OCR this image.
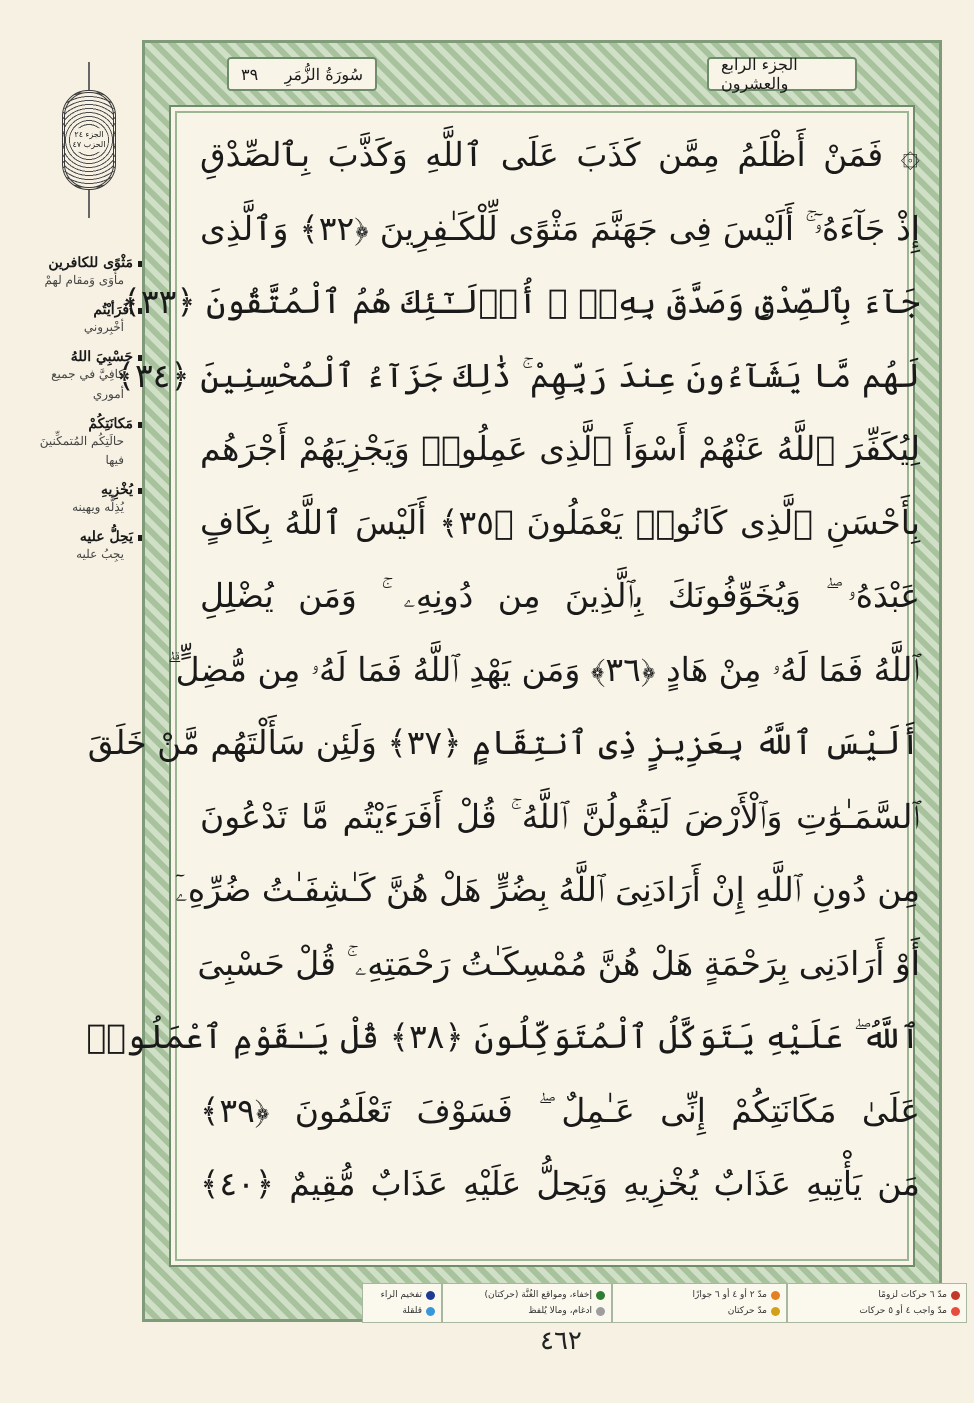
الجزء ٢٤
الحزب ٤٧
مَثْوًى للكافرين
مأوَى وَمقام لهمْ
أفَرَأيْتُم
أخْبِروني
حَسْبِيَ اللهُ
كافِيَّ في جميع أموري
مَكانَتِكُمْ
حالَتِكُم المُتمكِّنينَ فيها
يُخْزِيهِ
يُذِلُّه ويهينه
يَحِلُّ عليه
يجِبُ عليه
٣٩ سُورَةُ الزُّمَرِ	الجزء الرابع والعشرون
۞ فَمَنْ أَظْلَمُ مِمَّن كَذَبَ عَلَى ٱللَّهِ وَكَذَّبَ بِٱلصِّدْقِ
إِذْ جَآءَهُۥٓ ۚ أَلَيْسَ فِى جَهَنَّمَ مَثْوًى لِّلْكَـٰفِرِينَ ﴿٣٢﴾ وَٱلَّذِى
جَآءَ بِٱلصِّدْقِ وَصَدَّقَ بِهِۦٓ ۙ أُو۟لَـٰٓئِكَ هُمُ ٱلْمُتَّقُونَ ﴿٣٣﴾
لَهُم مَّا يَشَآءُونَ عِندَ رَبِّهِمْ ۚ ذَٰلِكَ جَزَآءُ ٱلْمُحْسِنِينَ ﴿٣٤﴾
لِيُكَفِّرَ ٱللَّهُ عَنْهُمْ أَسْوَأَ ٱلَّذِى عَمِلُوا۟ وَيَجْزِيَهُمْ أَجْرَهُم
بِأَحْسَنِ ٱلَّذِى كَانُوا۟ يَعْمَلُونَ ﴿٣٥﴾ أَلَيْسَ ٱللَّهُ بِكَافٍ
عَبْدَهُۥ ۖ وَيُخَوِّفُونَكَ بِٱلَّذِينَ مِن دُونِهِۦ ۚ وَمَن يُضْلِلِ
ٱللَّهُ فَمَا لَهُۥ مِنْ هَادٍ ﴿٣٦﴾ وَمَن يَهْدِ ٱللَّهُ فَمَا لَهُۥ مِن مُّضِلٍّ ۗ
أَلَيْسَ ٱللَّهُ بِعَزِيزٍ ذِى ٱنتِقَامٍ ﴿٣٧﴾ وَلَئِن سَأَلْتَهُم مَّنْ خَلَقَ
ٱلسَّمَـٰوَٰتِ وَٱلْأَرْضَ لَيَقُولُنَّ ٱللَّهُ ۚ قُلْ أَفَرَءَيْتُم مَّا تَدْعُونَ
مِن دُونِ ٱللَّهِ إِنْ أَرَادَنِىَ ٱللَّهُ بِضُرٍّ هَلْ هُنَّ كَـٰشِفَـٰتُ ضُرِّهِۦٓ
أَوْ أَرَادَنِى بِرَحْمَةٍ هَلْ هُنَّ مُمْسِكَـٰتُ رَحْمَتِهِۦ ۚ قُلْ حَسْبِىَ
ٱللَّهُ ۖ عَلَيْهِ يَتَوَكَّلُ ٱلْمُتَوَكِّلُونَ ﴿٣٨﴾ قُلْ يَـٰقَوْمِ ٱعْمَلُوا۟
عَلَىٰ مَكَانَتِكُمْ إِنِّى عَـٰمِلٌ ۖ فَسَوْفَ تَعْلَمُونَ ﴿٣٩﴾
مَن يَأْتِيهِ عَذَابٌ يُخْزِيهِ وَيَحِلُّ عَلَيْهِ عَذَابٌ مُّقِيمٌ ﴿٤٠﴾
مدّ ٦ حركات لزومًا
مدّ واجب ٤ أو ٥ حركات
مدّ ٢ أو ٤ أو ٦ جوازًا
مدّ حركتان
إخفاء، ومواقع الغُنَّة (حركتان)
ادغام، ومالا يُلفظ
تفخيم الراء
قلقلة
٤٦٢
